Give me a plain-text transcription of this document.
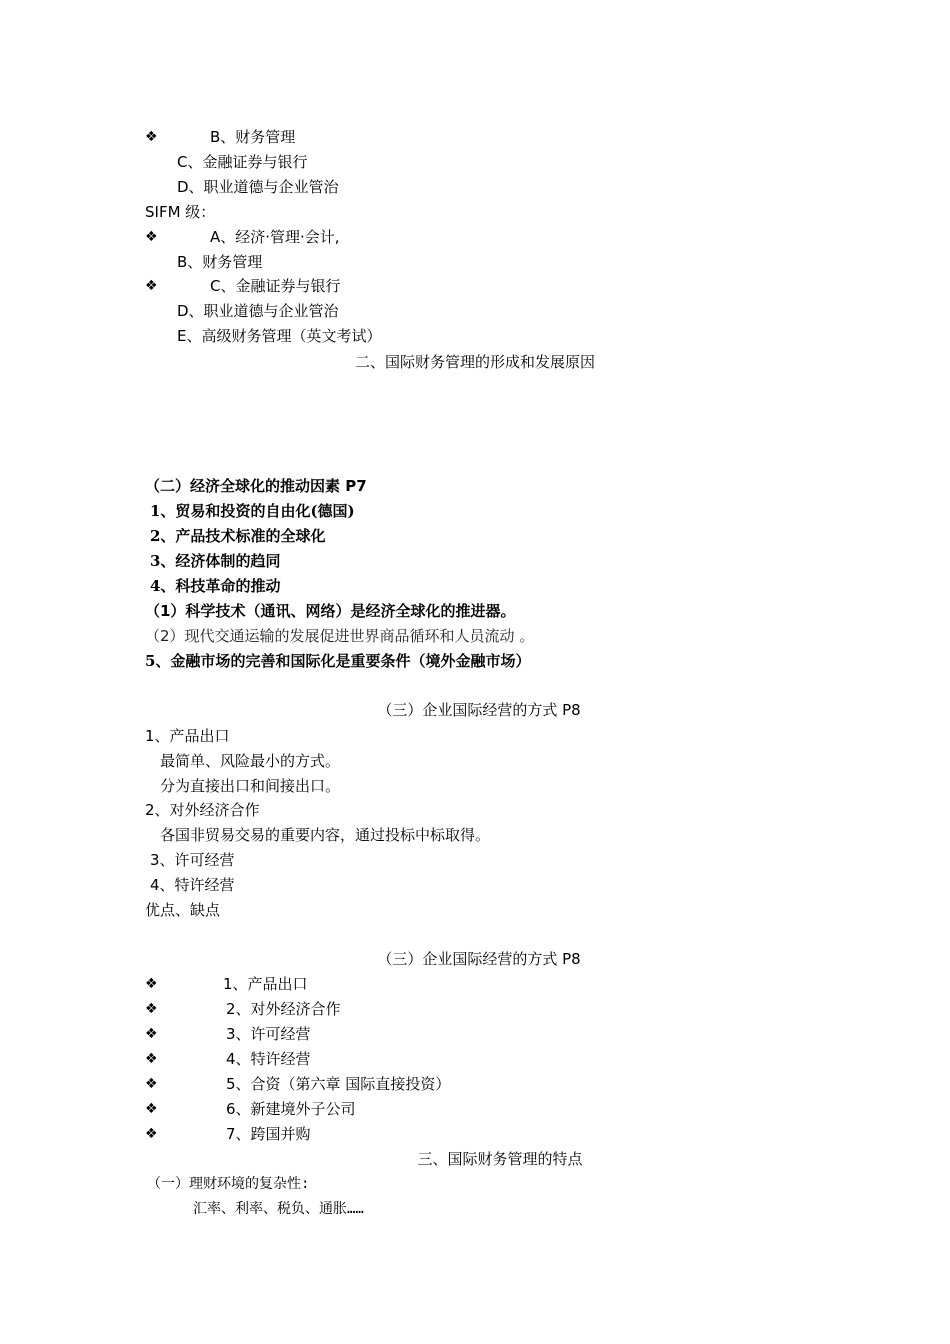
❖	B、财务管理
C、金融证券与银行
D、职业道德与企业管治
SIFM 级：
❖	A、经济·管理·会计,
B、财务管理
❖	C、金融证券与银行
D、职业道德与企业管治
E、高级财务管理（英文考试）
二、国际财务管理的形成和发展原因
（二）经济全球化的推动因素 P7
1、贸易和投资的自由化(德国)
2、产品技术标准的全球化
3、经济体制的趋同
4、科技革命的推动
（1）科学技术（通讯、网络）是经济全球化的推进器。
（2）现代交通运输的发展促进世界商品循环和人员流动 。
5、金融市场的完善和国际化是重要条件（境外金融市场）
（三）企业国际经营的方式 P8
1、产品出口
最简单、风险最小的方式。
分为直接出口和间接出口。
2、对外经济合作
各国非贸易交易的重要内容，通过投标中标取得。
3、许可经营
4、特许经营
优点、缺点
（三）企业国际经营的方式 P8
❖	1、产品出口
❖	2、对外经济合作
❖	3、许可经营
❖	4、特许经营
❖	5、合资（第六章 国际直接投资）
❖	6、新建境外子公司
❖	7、跨国并购
三、国际财务管理的特点
（一）理财环境的复杂性:
汇率、利率、税负、通胀……
